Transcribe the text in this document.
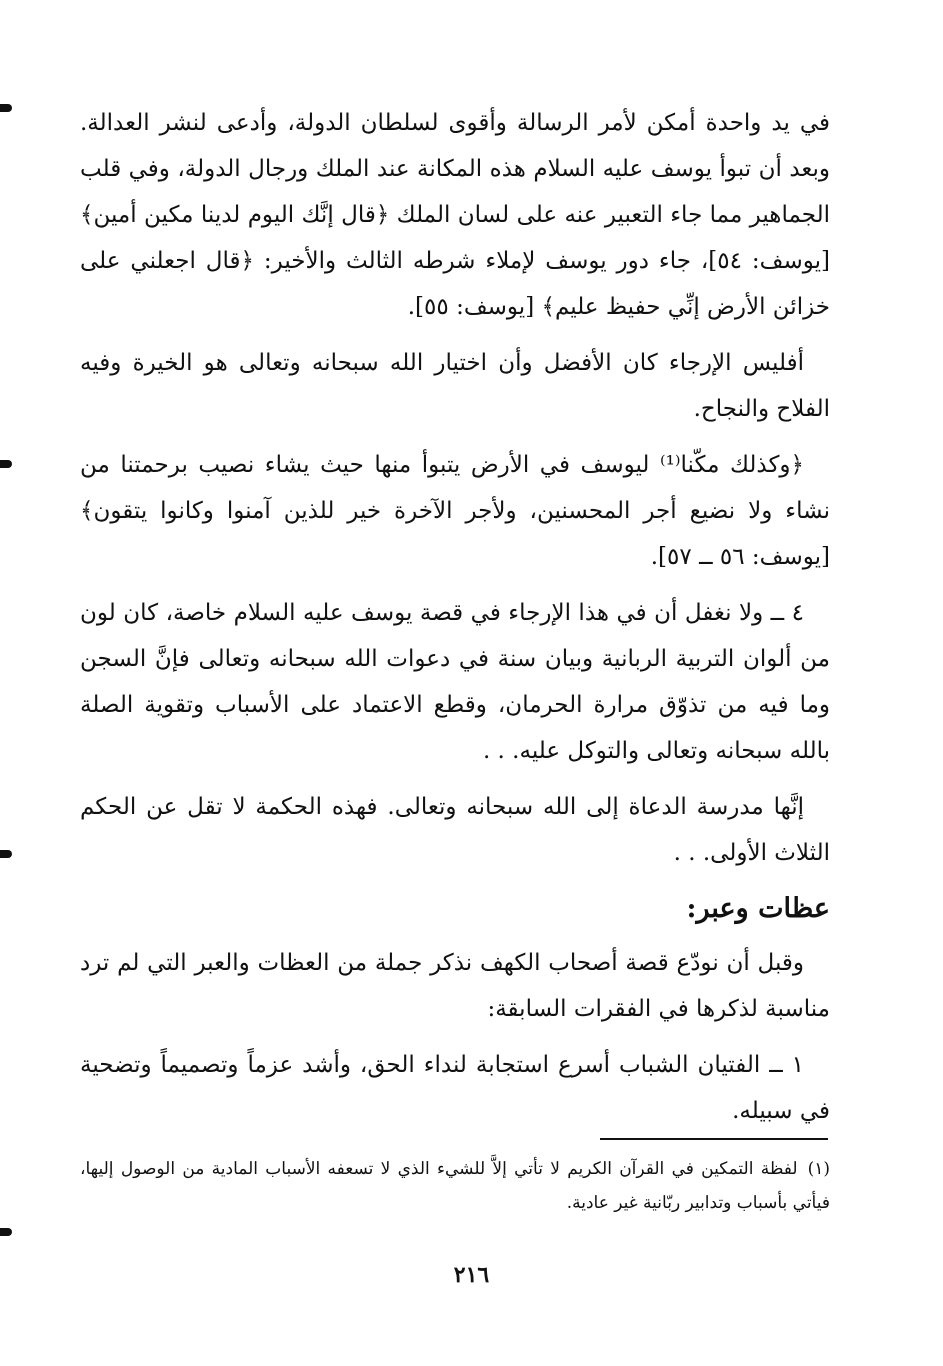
في يد واحدة أمكن لأمر الرسالة وأقوى لسلطان الدولة، وأدعى لنشر العدالة. وبعد أن تبوأ يوسف عليه السلام هذه المكانة عند الملك ورجال الدولة، وفي قلب الجماهير مما جاء التعبير عنه على لسان الملك ﴿قال إنَّك اليوم لدينا مكين أمين﴾ [يوسف: ٥٤]، جاء دور يوسف لإملاء شرطه الثالث والأخير: ﴿قال اجعلني على خزائن الأرض إنِّي حفيظ عليم﴾ [يوسف: ٥٥].

أفليس الإرجاء كان الأفضل وأن اختيار الله سبحانه وتعالى هو الخيرة وفيه الفلاح والنجاح.

﴿وكذلك مكّنا⁽¹⁾ ليوسف في الأرض يتبوأ منها حيث يشاء نصيب برحمتنا من نشاء ولا نضيع أجر المحسنين، ولأجر الآخرة خير للذين آمنوا وكانوا يتقون﴾ [يوسف: ٥٦ ــ ٥٧].

٤ ــ ولا نغفل أن في هذا الإرجاء في قصة يوسف عليه السلام خاصة، كان لون من ألوان التربية الربانية وبيان سنة في دعوات الله سبحانه وتعالى فإنَّ السجن وما فيه من تذوّق مرارة الحرمان، وقطع الاعتماد على الأسباب وتقوية الصلة بالله سبحانه وتعالى والتوكل عليه. . .

إنَّها مدرسة الدعاة إلى الله سبحانه وتعالى. فهذه الحكمة لا تقل عن الحكم الثلاث الأولى. . .

عظات وعبر:

وقبل أن نودّع قصة أصحاب الكهف نذكر جملة من العظات والعبر التي لم ترد مناسبة لذكرها في الفقرات السابقة:

١ ــ الفتيان الشباب أسرع استجابة لنداء الحق، وأشد عزماً وتصميماً وتضحية في سبيله.

(١)لفظة التمكين في القرآن الكريم لا تأتي إلاَّ للشيء الذي لا تسعفه الأسباب المادية من الوصول إليها، فيأتي بأسباب وتدابير ربّانية غير عادية.
٢١٦
